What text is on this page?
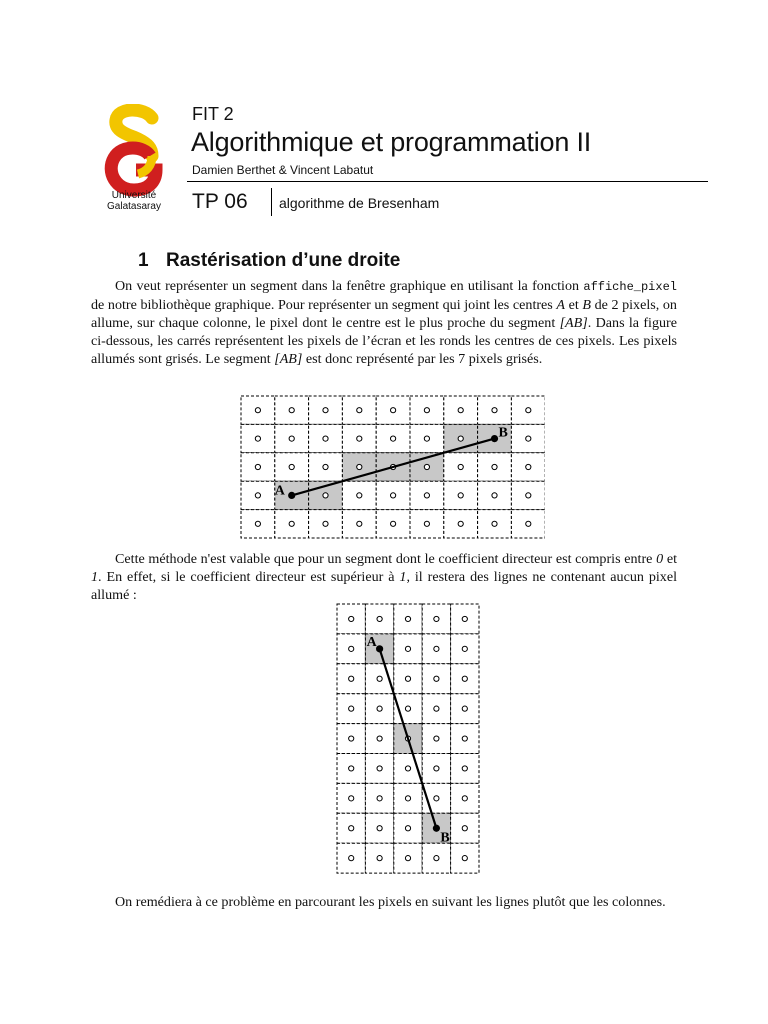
Université
Galatasaray
FIT 2
Algorithmique et programmation II
Damien Berthet & Vincent Labatut
TP 06 algorithme de Bresenham
1 Rastérisation d’une droite

On veut représenter un segment dans la fenêtre graphique en utilisant la fonction affiche_pixel de notre bibliothèque graphique. Pour représenter un segment qui joint les centres A et B de 2 pixels, on allume, sur chaque colonne, le pixel dont le centre est le plus proche du segment [AB]. Dans la figure ci-dessous, les carrés représentent les pixels de l’écran et les ronds les centres de ces pixels. Les pixels allumés sont grisés. Le segment [AB] est donc représenté par les 7 pixels grisés.

A
B

Cette méthode n'est valable que pour un segment dont le coefficient directeur est compris entre 0 et 1. En effet, si le coefficient directeur est supérieur à 1, il restera des lignes ne contenant aucun pixel allumé :

A
B

On remédiera à ce problème en parcourant les pixels en suivant les lignes plutôt que les colonnes.
